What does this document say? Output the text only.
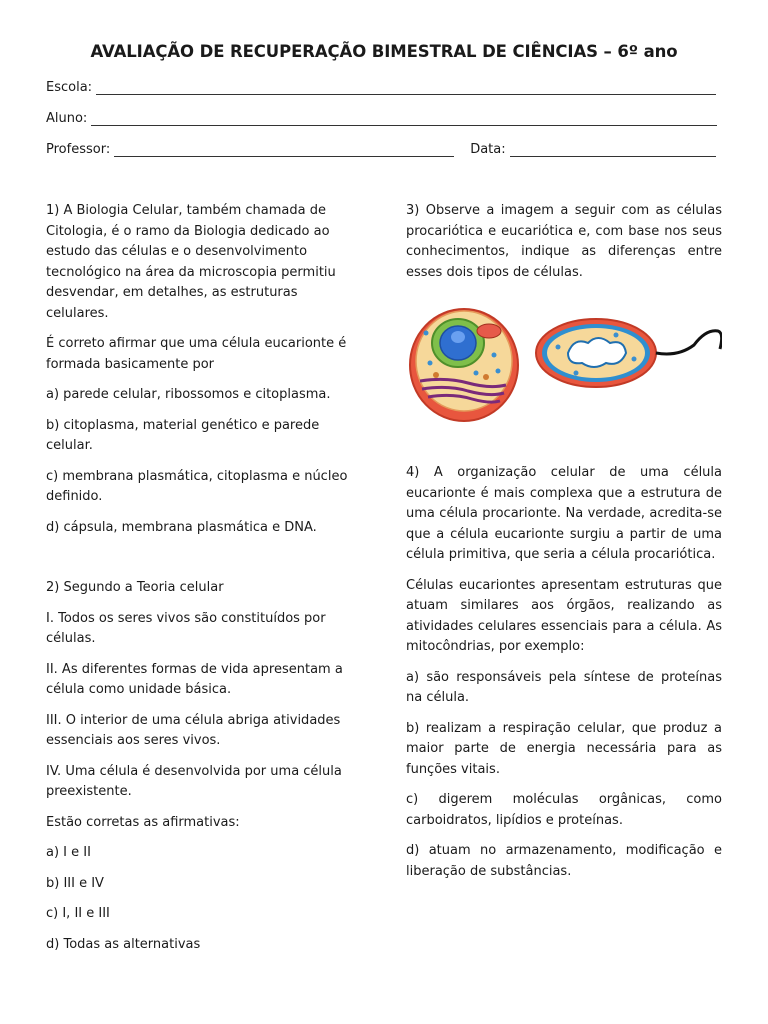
AVALIAÇÃO DE RECUPERAÇÃO BIMESTRAL DE CIÊNCIAS – 6º ano
Escola:
Aluno:
Professor:	Data:

1) A Biologia Celular, também chamada de Citologia, é o ramo da Biologia dedicado ao estudo das células e o desenvolvimento tecnológico na área da microscopia permitiu desvendar, em detalhes, as estruturas celulares.

É correto afirmar que uma célula eucarionte é formada basicamente por

a) parede celular, ribossomos e citoplasma.

b) citoplasma, material genético e parede celular.

c) membrana plasmática, citoplasma e núcleo definido.

d) cápsula, membrana plasmática e DNA.

2) Segundo a Teoria celular

I. Todos os seres vivos são constituídos por células.

II. As diferentes formas de vida apresentam a célula como unidade básica.

III. O interior de uma célula abriga atividades essenciais aos seres vivos.

IV. Uma célula é desenvolvida por uma célula preexistente.

Estão corretas as afirmativas:

a) I e II

b) III e IV

c) I, II e III

d) Todas as alternativas

3) Observe a imagem a seguir com as células procariótica e eucariótica e, com base nos seus conhecimentos, indique as diferenças entre esses dois tipos de células.

4) A organização celular de uma célula eucarionte é mais complexa que a estrutura de uma célula procarionte. Na verdade, acredita-se que a célula eucarionte surgiu a partir de uma célula primitiva, que seria a célula procariótica.

Células eucariontes apresentam estruturas que atuam similares aos órgãos, realizando as atividades celulares essenciais para a célula. As mitocôndrias, por exemplo:

a) são responsáveis pela síntese de proteínas na célula.

b) realizam a respiração celular, que produz a maior parte de energia necessária para as funções vitais.

c) digerem moléculas orgânicas, como carboidratos, lipídios e proteínas.

d) atuam no armazenamento, modificação e liberação de substâncias.
